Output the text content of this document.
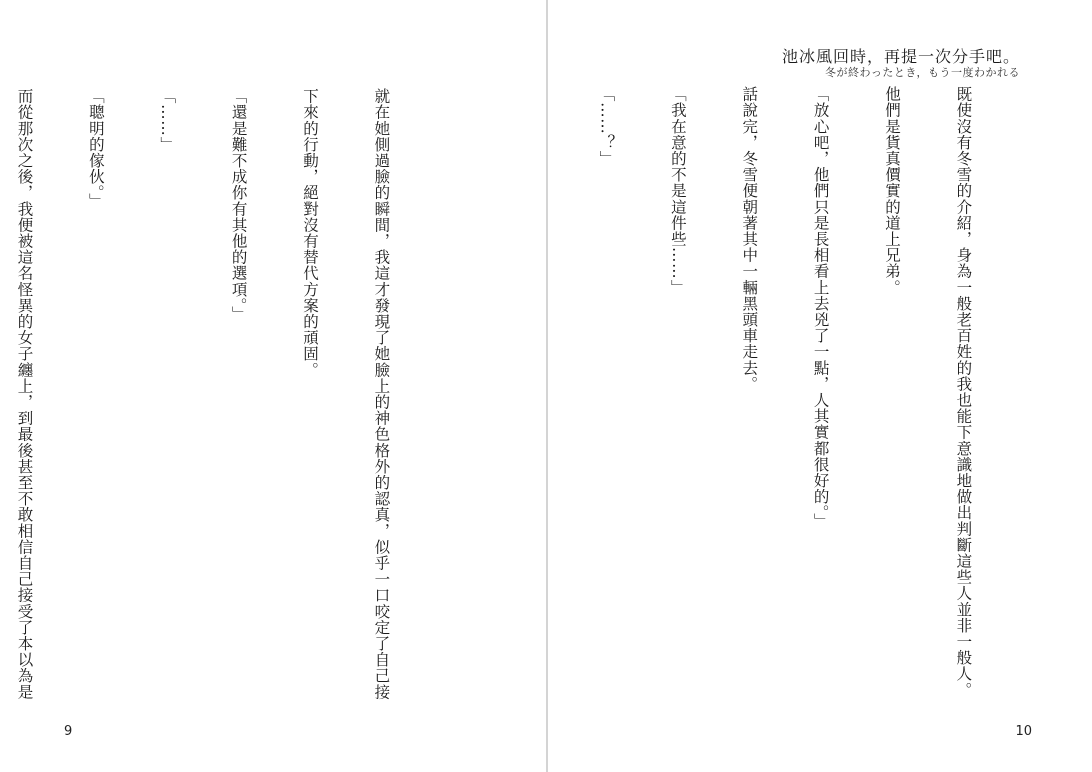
就在她側過臉的瞬間，我這才發現了她臉上的神色格外的認真，似乎一口咬定了自己接

下來的行動，絕對沒有替代方案的頑固。

「還是難不成你有其他的選項。」

「……」

「聰明的傢伙。」

而從那次之後，我便被這名怪異的女子纏上，到最後甚至不敢相信自己接受了本以為是

9
池冰風回時，再提一次分手吧。
冬が終わったとき，もう一度わかれる

既使沒有冬雪的介紹，身為一般老百姓的我也能下意識地做出判斷這些人並非一般人。

他們是貨真價實的道上兄弟。

「放心吧，他們只是長相看上去兇了一點，人其實都很好的。」

話說完，冬雪便朝著其中一輛黑頭車走去。

「我在意的不是這件些……」

「……？」

10
